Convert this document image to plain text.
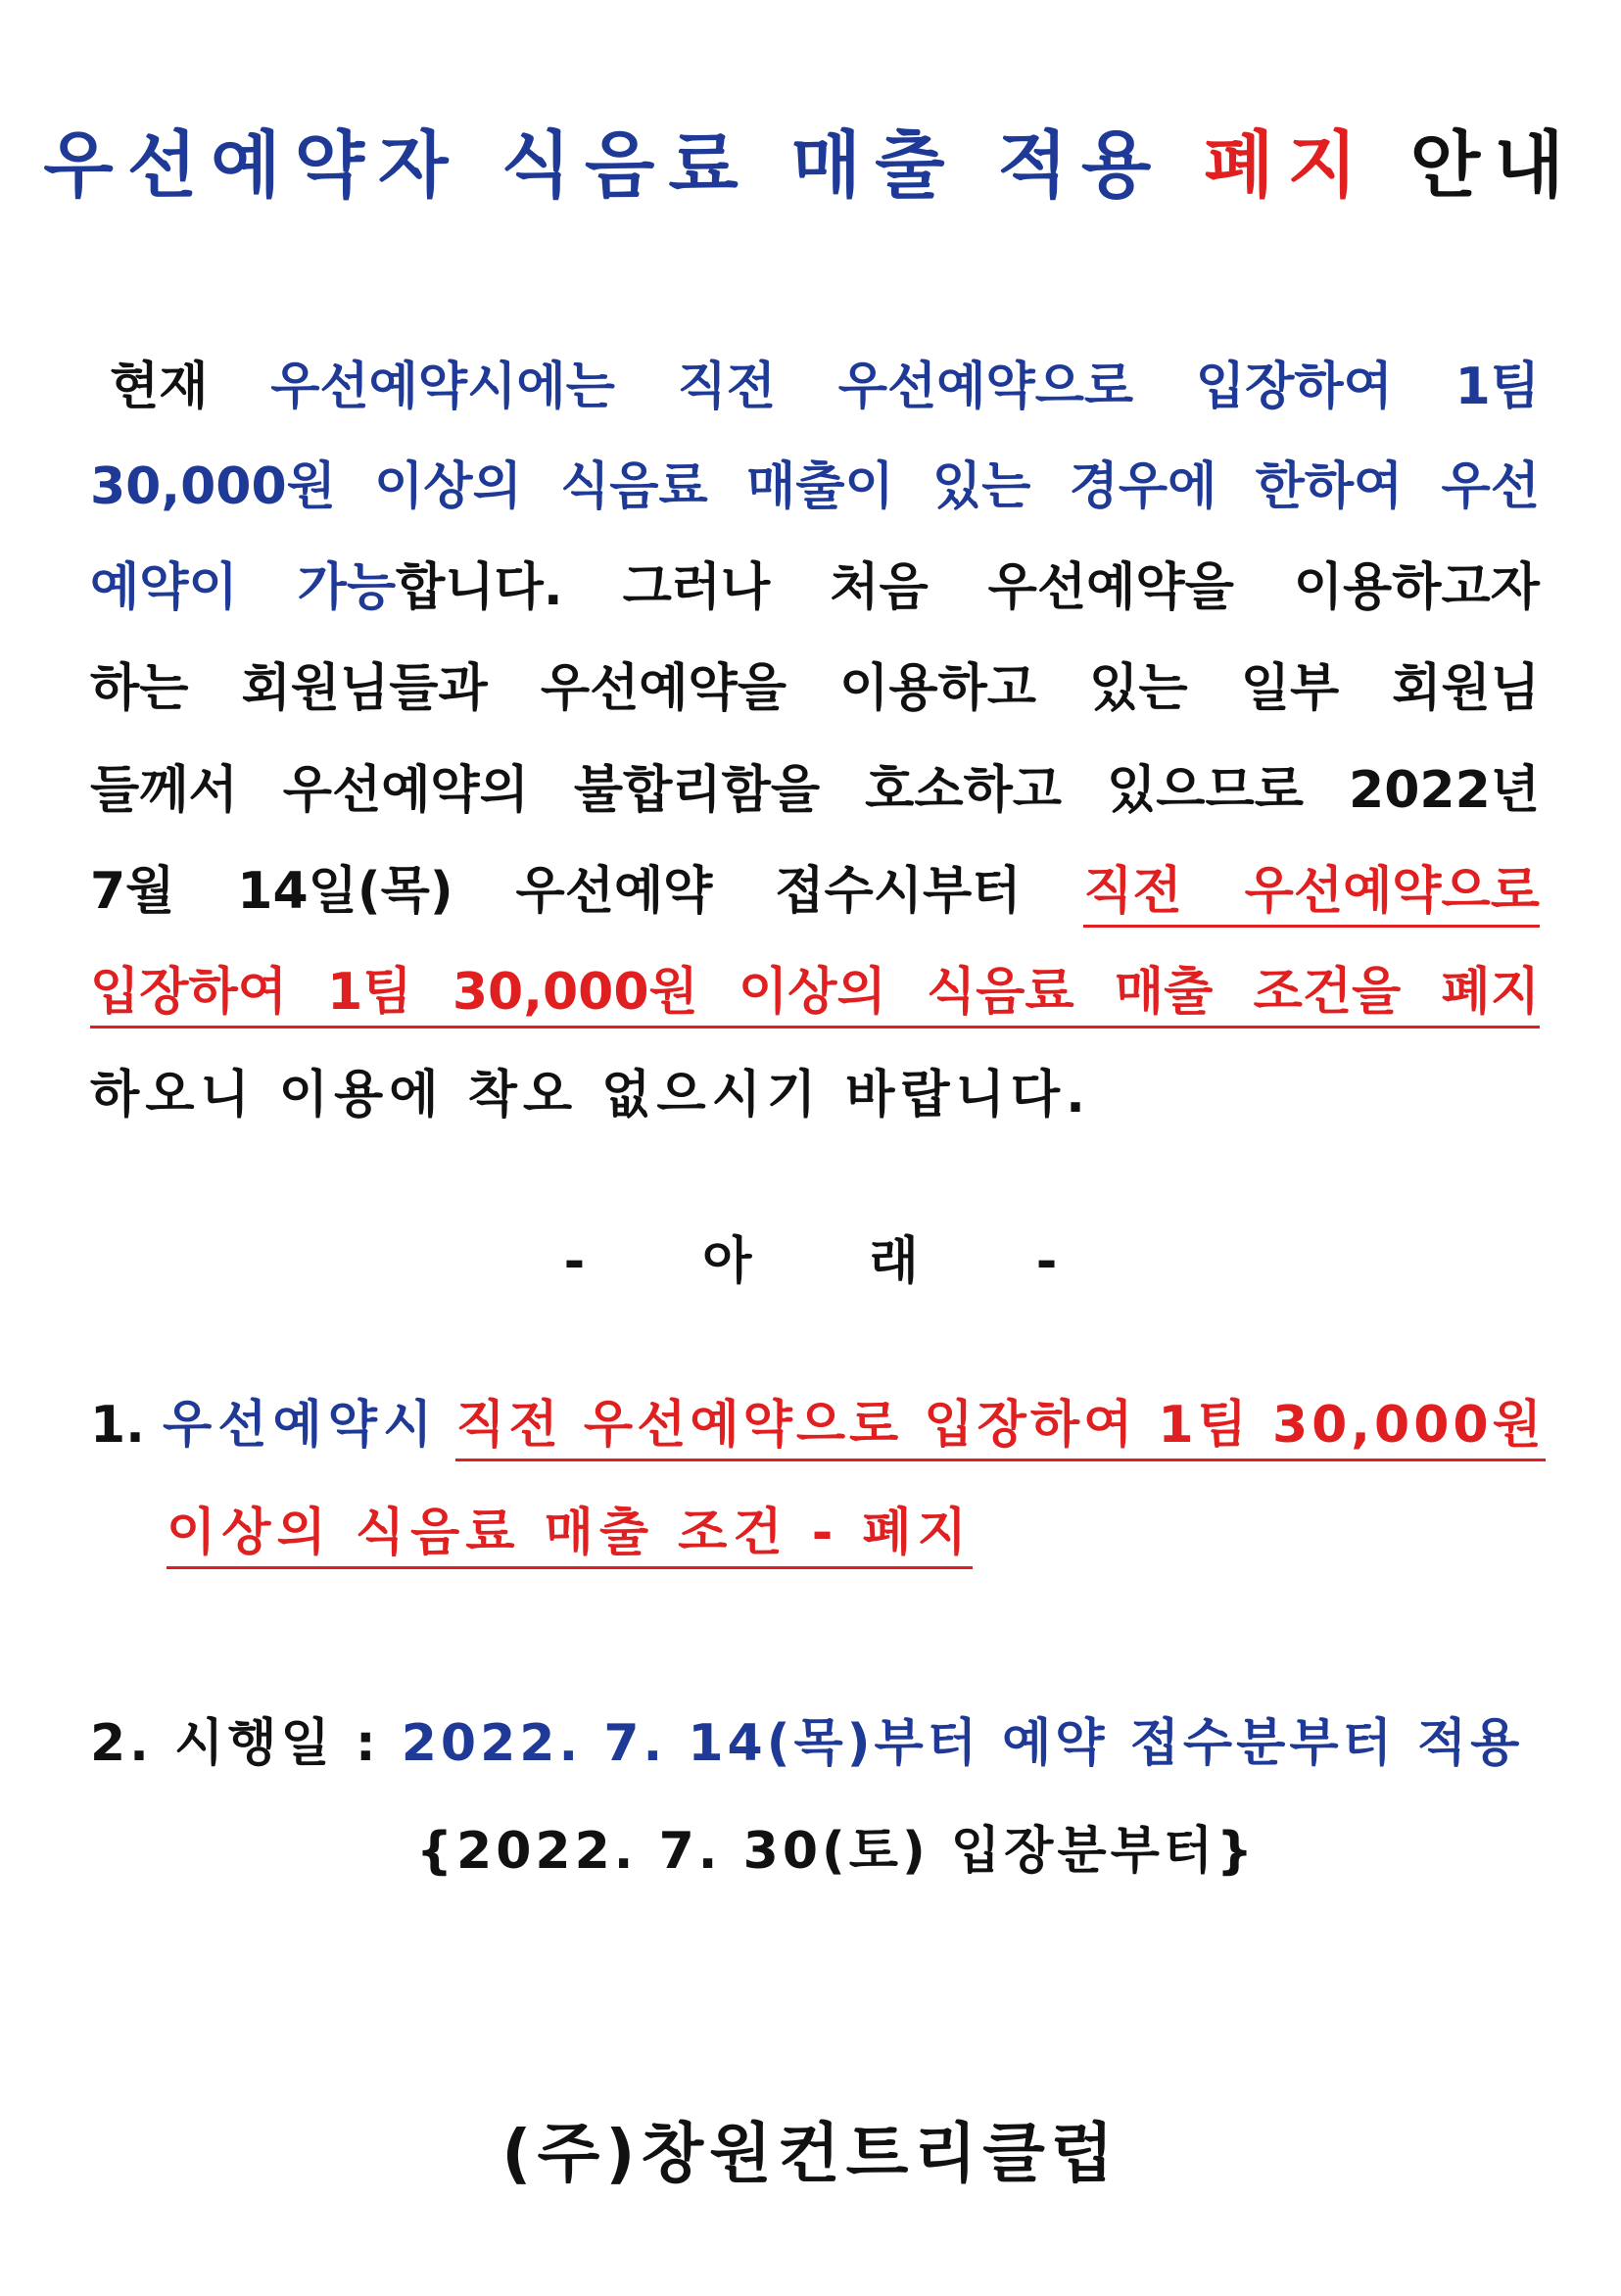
우선예약자 식음료 매출 적용 폐지 안내
현재 우선예약시에는 직전 우선예약으로 입장하여 1팀
30,000원 이상의 식음료 매출이 있는 경우에 한하여 우선
예약이 가능합니다. 그러나 처음 우선예약을 이용하고자
하는 회원님들과 우선예약을 이용하고 있는 일부 회원님
들께서 우선예약의 불합리함을 호소하고 있으므로 2022년
7월 14일(목) 우선예약 접수시부터 직전 우선예약으로
입장하여 1팀 30,000원 이상의 식음료 매출 조건을 폐지
하오니 이용에 착오 없으시기 바랍니다.
- 아 래 -
1. 우선예약시 직전 우선예약으로 입장하여 1팀 30,000원
이상의 식음료 매출 조건 - 폐지
2. 시행일 : 2022. 7. 14(목)부터 예약 접수분부터 적용
{2022. 7. 30(토) 입장분부터}
(주)창원컨트리클럽
